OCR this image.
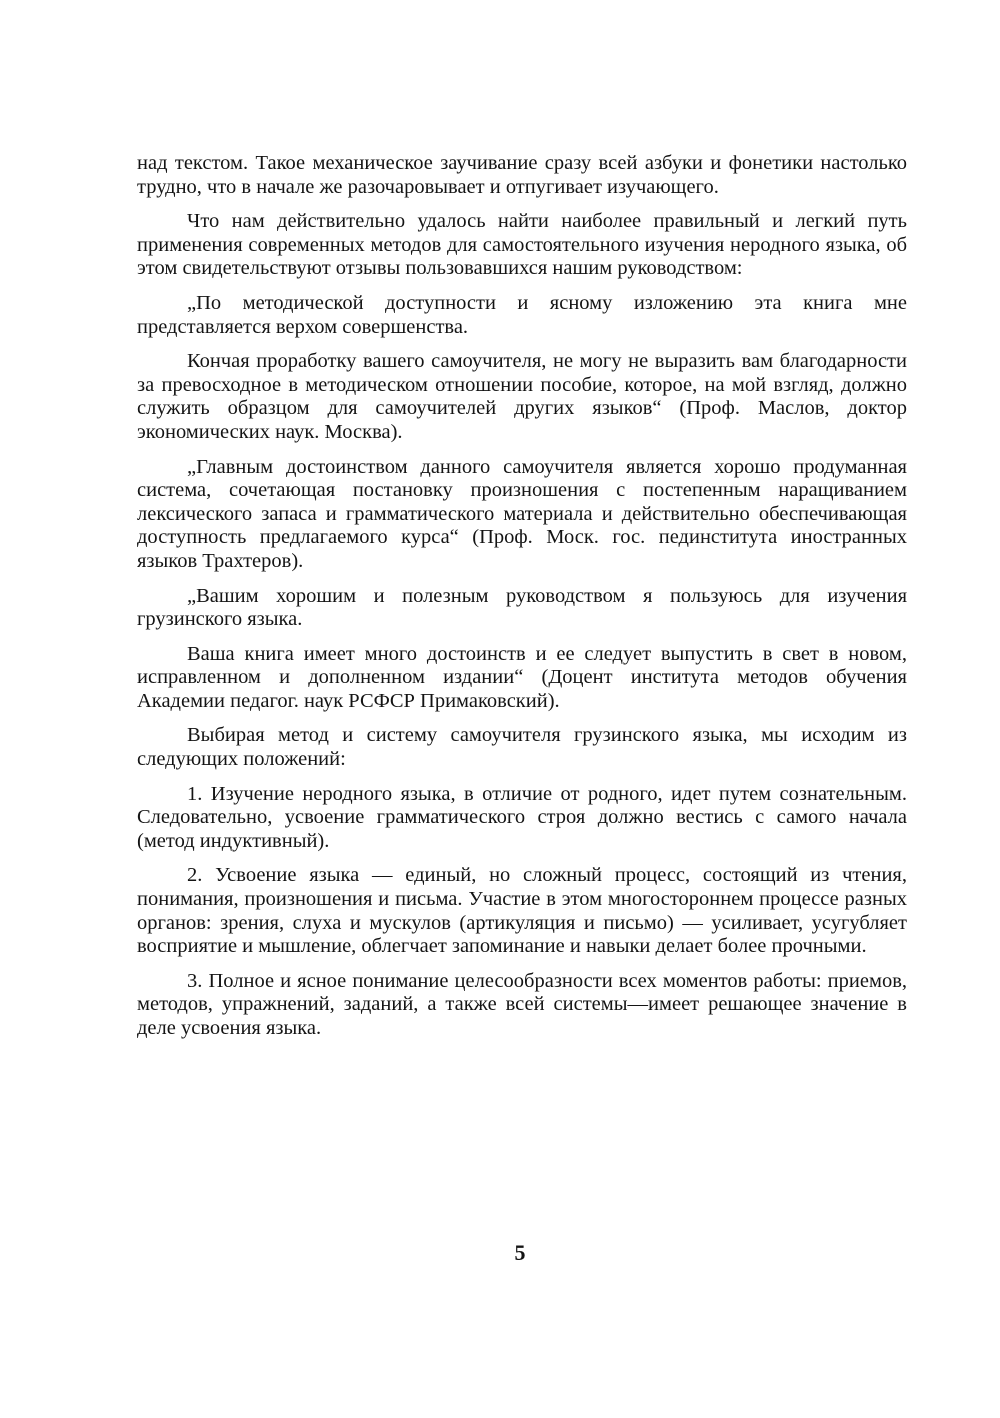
над текстом. Такое механическое заучивание сразу всей азбуки и фонетики настолько трудно, что в начале же разочаровывает и отпугивает изучающего.

Что нам действительно удалось найти наиболее правильный и легкий путь применения современных методов для самостоятельного изучения неродного языка, об этом свидетельствуют отзывы пользовавшихся нашим руководством:

„По методической доступности и ясному изложению эта книга мне представляется верхом совершенства.

Кончая проработку вашего самоучителя, не могу не выразить вам благодарности за превосходное в методическом отношении пособие, которое, на мой взгляд, должно служить образцом для самоучителей других языков“ (Проф. Маслов, доктор экономических наук. Москва).

„Главным достоинством данного самоучителя является хорошо продуманная система, сочетающая постановку произношения с постепенным наращиванием лексического запаса и грамматического материала и действительно обеспечивающая доступность предлагаемого курса“ (Проф. Моск. гос. пединститута иностранных языков Трахтеров).

„Вашим хорошим и полезным руководством я пользуюсь для изучения грузинского языка.

Ваша книга имеет много достоинств и ее следует выпустить в свет в новом, исправленном и дополненном издании“ (Доцент института методов обучения Академии педагог. наук РСФСР Примаковский).

Выбирая метод и систему самоучителя грузинского языка, мы исходим из следующих положений:

1. Изучение неродного языка, в отличие от родного, идет путем сознательным. Следовательно, усвоение грамматического строя должно вестись с самого начала (метод индуктивный).

2. Усвоение языка — единый, но сложный процесс, состоящий из чтения, понимания, произношения и письма. Участие в этом многостороннем процессе разных органов: зрения, слуха и мускулов (артикуляция и письмо) — усиливает, усугубляет восприятие и мышление, облегчает запоминание и навыки делает более прочными.

3. Полное и ясное понимание целесообразности всех моментов работы: приемов, методов, упражнений, заданий, а также всей системы—имеет решающее значение в деле усвоения языка.

5
